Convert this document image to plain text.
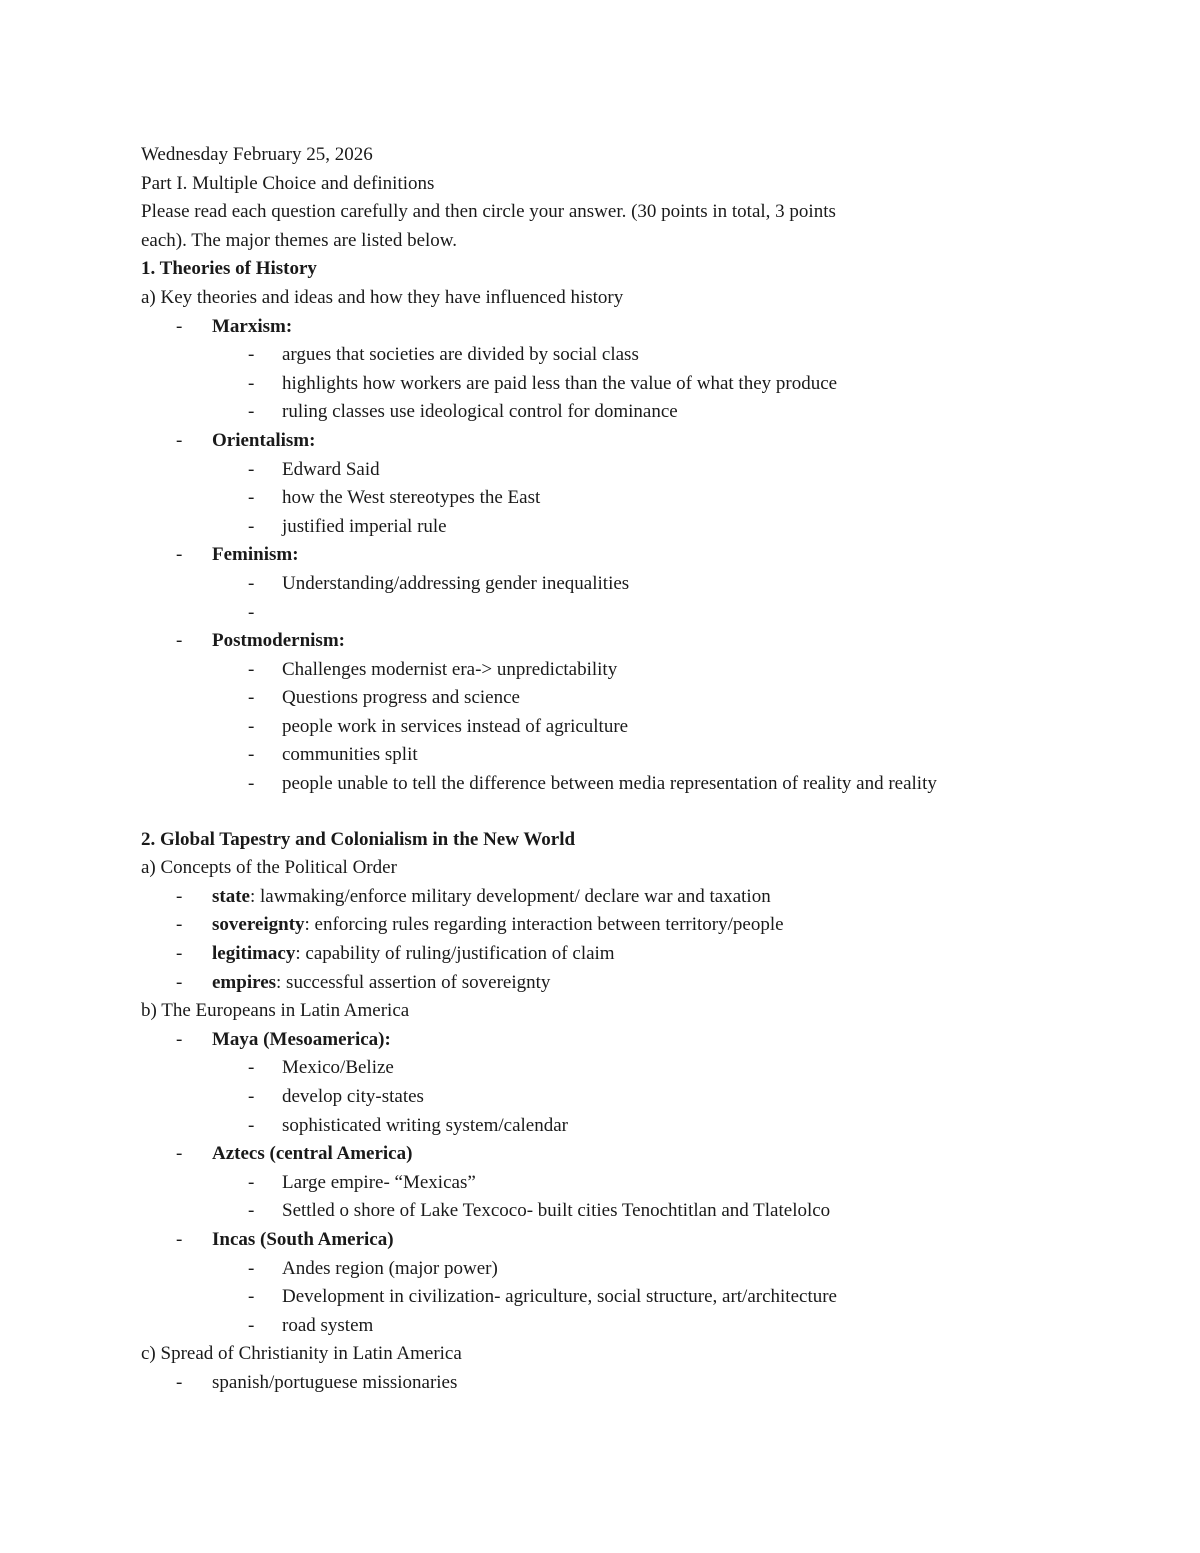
Wednesday February 25, 2026
Part I. Multiple Choice and definitions
Please read each question carefully and then circle your answer. (30 points in total, 3 points
each). The major themes are listed below.
1. Theories of History
a) Key theories and ideas and how they have influenced history
- Marxism:
- argues that societies are divided by social class
- highlights how workers are paid less than the value of what they produce
- ruling classes use ideological control for dominance
- Orientalism:
- Edward Said
- how the West stereotypes the East
- justified imperial rule
- Feminism:
- Understanding/addressing gender inequalities
-
- Postmodernism:
- Challenges modernist era-> unpredictability
- Questions progress and science
- people work in services instead of agriculture
- communities split
- people unable to tell the difference between media representation of reality and reality
2. Global Tapestry and Colonialism in the New World
a) Concepts of the Political Order
- state: lawmaking/enforce military development/ declare war and taxation
- sovereignty: enforcing rules regarding interaction between territory/people
- legitimacy: capability of ruling/justification of claim
- empires: successful assertion of sovereignty
b) The Europeans in Latin America
- Maya (Mesoamerica):
- Mexico/Belize
- develop city-states
- sophisticated writing system/calendar
- Aztecs (central America)
- Large empire- “Mexicas”
- Settled o shore of Lake Texcoco- built cities Tenochtitlan and Tlatelolco
- Incas (South America)
- Andes region (major power)
- Development in civilization- agriculture, social structure, art/architecture
- road system
c) Spread of Christianity in Latin America
- spanish/portuguese missionaries
